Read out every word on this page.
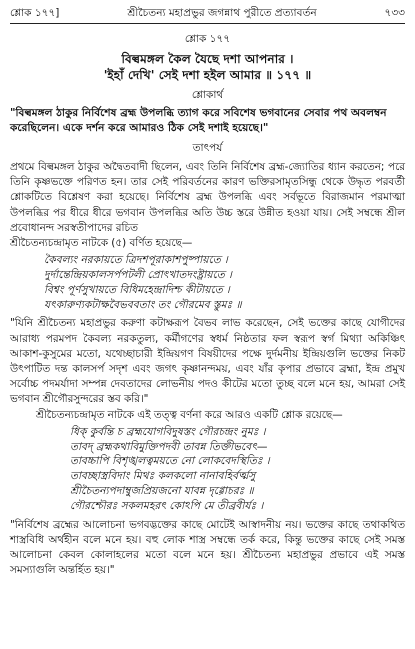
শ্লোক ১৭৭]	শ্রীচৈতন্য মহাপ্রভুর জগন্নাথ পুরীতে প্রত্যাবর্তন	৭৩৩
শ্লোক ১৭৭
বিল্বমঙ্গল কৈল যৈছে দশা আপনার ।
'ইহাঁ দেখি' সেই দশা হইল আমার ॥ ১৭৭ ॥
শ্লোকার্থ
"বিল্বমঙ্গল ঠাকুর নির্বিশেষ ব্রহ্ম উপলব্ধি ত্যাগ করে সবিশেষ ভগবানের সেবার পথ অবলম্বন করেছিলেন। একে দর্শন করে আমারও ঠিক সেই দশাই হয়েছে।"
তাৎপর্য
প্রথমে বিল্বমঙ্গল ঠাকুর অদ্বৈতবাদী ছিলেন, এবং তিনি নির্বিশেষ ব্রহ্ম-জ্যোতির ধ্যান করতেন; পরে তিনি কৃষ্ণভক্তে পরিণত হন। তার সেই পরিবর্তনের কারণ ভক্তিরসামৃতসিন্ধু থেকে উদ্ধৃত পরবর্তী শ্লোকটিতে বিশ্লেষণ করা হয়েছে। নির্বিশেষ ব্রহ্ম উপলব্ধি এবং সর্বভূতে বিরাজমান পরমাত্মা উপলব্ধির পর ধীরে ধীরে ভগবান উপলব্ধির অতি উচ্চ স্তরে উন্নীত হওয়া যায়। সেই সম্বন্ধে শ্রীল প্রবোধানন্দ সরস্বতীপাদের রচিত
শ্রীচৈতন্যচন্দ্রামৃত নাটকে (৫) বর্ণিত হয়েছে—
কৈবল্যং নরকায়তে ত্রিদশপূরাকাশপুষ্পায়তে ।
দুর্দান্তেন্দ্রিয়কালসর্পপটলী প্রোৎখাতদংষ্ট্রায়তে ।
বিশ্বং পূর্ণসুখায়তে বিধিমহেন্দ্রাদিশ্চ কীটায়তে ।
যৎকারুণ্যকটাক্ষবৈভববতাং তং গৌরমেব স্তুমঃ ॥
"যিনি শ্রীচৈতন্য মহাপ্রভুর করুণা কটাক্ষরূপ বৈভব লাভ করেছেন, সেই ভক্তের কাছে যোগীদের আরাধ্য পরমপদ কৈবল্য নরকতুল্য, কর্মীগণের স্বধর্ম নিষ্ঠতার ফল স্বরূপ স্বর্গ মিথ্যা অকিঞ্চিৎ আকাশ-কুসুমের মতো, যথেচ্ছাচারী ইন্দ্রিয়গণ বিষয়ীদের পক্ষে দুর্দমনীয় ইন্দ্রিয়গুলি ভক্তের নিকট উৎপাটিত দন্ত কালসর্প সদৃশ এবং জগৎ কৃষ্ণানন্দময়, এবং যাঁর কৃপার প্রভাবে ব্রহ্মা, ইন্দ্র প্রমুখ সর্বোচ্চ পদমর্যাদা সম্পন্ন দেবতাদের লোভনীয় পদও কীটের মতো তুচ্ছ বলে মনে হয়, আমরা সেই ভগবান শ্রীগৌরসুন্দরের স্তব করি।"
শ্রীচৈতন্যচন্দ্রামৃত নাটকে এই তত্ত্ব বর্ণনা করে আরও একটি শ্লোক রয়েছে—
ধিক্ কুর্বন্তি চ ব্রহ্মযোগবিদুষস্তং গৌরচন্দ্রং নুমঃ ।
তাবদ্ ব্রহ্মকথাবিমুক্তিপদবী তাবন্ন তিক্তীভবেৎ—
তাবচ্চাপি বিশৃঙ্খলত্বময়তে নো লোকবেদস্থিতিঃ ।
তাবচ্ছাস্ত্রবিদাং মিথঃ কলকলো নানাবহির্বর্ত্মসু
শ্রীচৈতন্যপদাম্বুজপ্রিয়জনো যাবন্ন দৃগ্গোচরঃ ॥
গৌরশ্চৌরঃ সকলমহরৎ কোঽপি মে তীব্রবীর্যঃ ।
"নির্বিশেষ ব্রহ্মের আলোচনা ভগবদ্ভক্তের কাছে মোটেই আস্বাদনীয় নয়। ভক্তের কাছে তথাকথিত শাস্ত্রবিধি অর্থহীন বলে মনে হয়। বহু লোক শাস্ত্র সম্বন্ধে তর্ক করে, কিন্তু ভক্তের কাছে সেই সমস্ত আলোচনা কেবল কোলাহলের মতো বলে মনে হয়। শ্রীচৈতন্য মহাপ্রভুর প্রভাবে এই সমস্ত সমস্যাগুলি অন্তর্হিত হয়।"
